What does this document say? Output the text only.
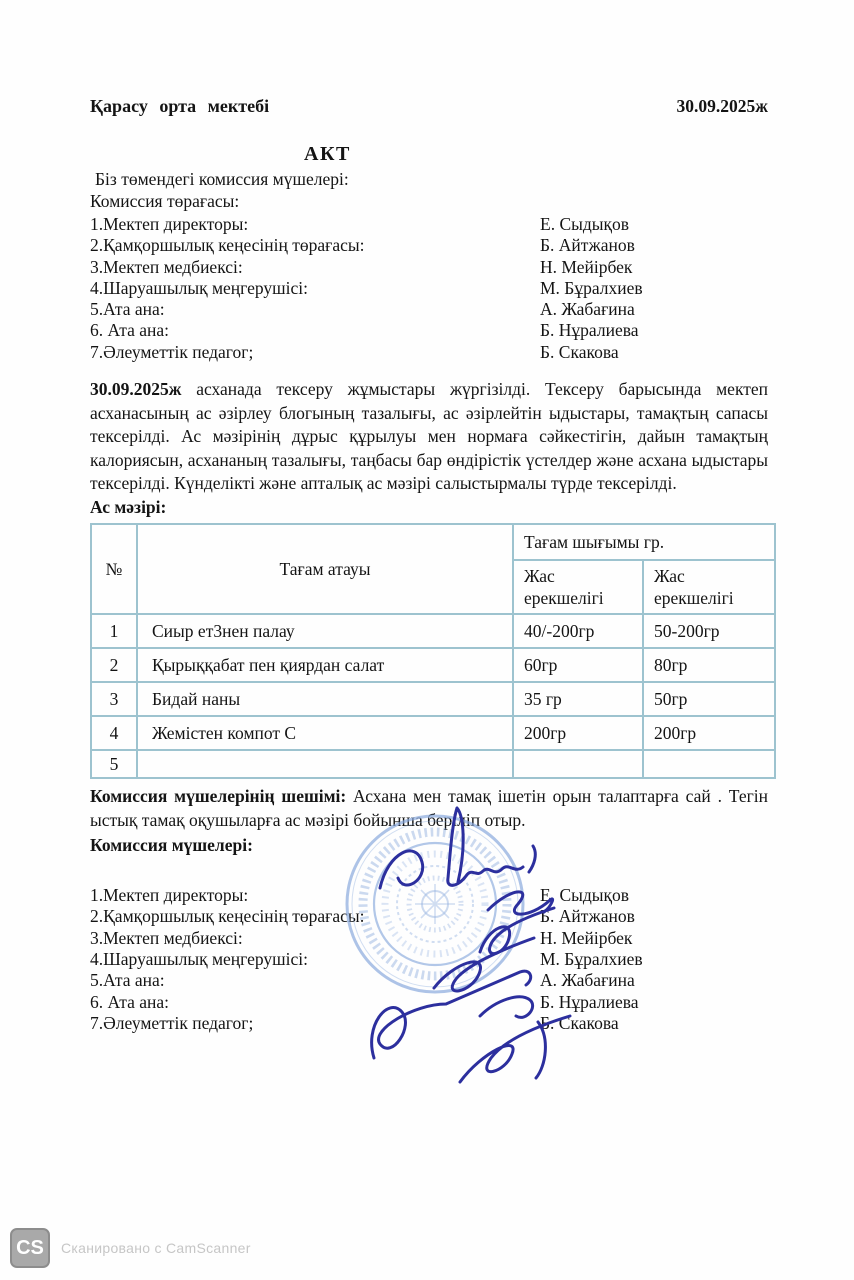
Қарасу орта мектебі	30.09.2025ж
АКТ
Біз төмендегі комиссия мүшелері:
Комиссия төрағасы:
1.Мектеп директоры:	Е. Сыдықов
2.Қамқоршылық кеңесінің төрағасы:	Б. Айтжанов
3.Мектеп медбиексі:	Н. Мейірбек
4.Шаруашылық меңгерушісі:	М. Бұралхиев
5.Ата ана:	А. Жабағина
6. Ата ана:	Б. Нұралиева
7.Әлеуметтік педагог;	Б. Скакова
30.09.2025ж асханада тексеру жұмыстары жүргізілді. Тексеру барысында мектеп асханасының ас әзірлеу блогының тазалығы, ас әзірлейтін ыдыстары, тамақтың сапасы тексерілді. Ас мәзірінің дұрыс құрылуы мен нормаға сәйкестігін, дайын тамақтың калориясын, асхананың тазалығы, таңбасы бар өндірістік үстелдер және асхана ыдыстары тексерілді. Күнделікті және апталық ас мәзірі салыстырмалы түрде тексерілді.
Ас мәзірі:
№	Тағам атауы	Тағам шығымы гр.	
		Жас ерекшелігі	Жас ерекшелігі
1	Сиыр ет3нен палау	40/-200гр	50-200гр
2	Қырыққабат пен қиярдан салат	60гр	80гр
3	Бидай наны	35 гр	50гр
4	Жемістен компот С	200гр	200гр
5			
Комиссия мүшелерінің шешімі: Асхана мен тамақ ішетін орын талаптарға сай . Тегін ыстық тамақ оқушыларға ас мәзірі бойынша беріліп отыр.
Комиссия мүшелері:
1.Мектеп директоры:	Е. Сыдықов
2.Қамқоршылық кеңесінің төрағасы:	Б. Айтжанов
3.Мектеп медбиексі:	Н. Мейірбек
4.Шаруашылық меңгерушісі:	М. Бұралхиев
5.Ата ана:	А. Жабағина
6. Ата ана:	Б. Нұралиева
7.Әлеуметтік педагог;	Б. Скакова
CS	Сканировано с CamScanner
